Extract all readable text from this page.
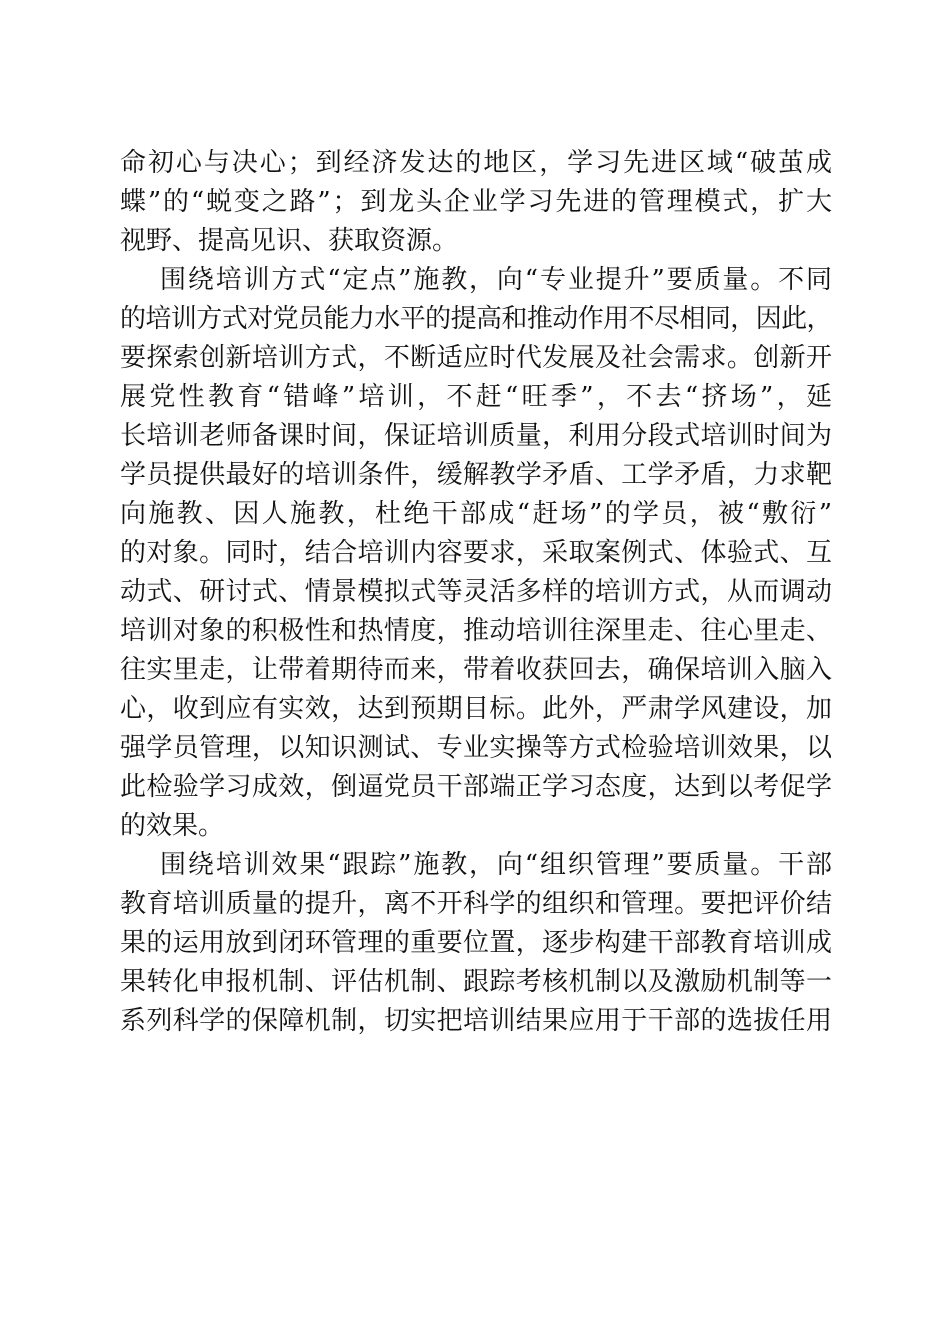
命初心与决心；到经济发达的地区，学习先进区域“破茧成
蝶”的“蜕变之路”；到龙头企业学习先进的管理模式，扩大
视野、提高见识、获取资源。
围绕培训方式“定点”施教，向“专业提升”要质量。不同
的培训方式对党员能力水平的提高和推动作用不尽相同，因此，
要探索创新培训方式，不断适应时代发展及社会需求。创新开
展党性教育“错峰”培训，不赶“旺季”，不去“挤场”，延
长培训老师备课时间，保证培训质量，利用分段式培训时间为
学员提供最好的培训条件，缓解教学矛盾、工学矛盾，力求靶
向施教、因人施教，杜绝干部成“赶场”的学员，被“敷衍”
的对象。同时，结合培训内容要求，采取案例式、体验式、互
动式、研讨式、情景模拟式等灵活多样的培训方式，从而调动
培训对象的积极性和热情度，推动培训往深里走、往心里走、
往实里走，让带着期待而来，带着收获回去，确保培训入脑入
心，收到应有实效，达到预期目标。此外，严肃学风建设，加
强学员管理，以知识测试、专业实操等方式检验培训效果，以
此检验学习成效，倒逼党员干部端正学习态度，达到以考促学
的效果。
围绕培训效果“跟踪”施教，向“组织管理”要质量。干部
教育培训质量的提升，离不开科学的组织和管理。要把评价结
果的运用放到闭环管理的重要位置，逐步构建干部教育培训成
果转化申报机制、评估机制、跟踪考核机制以及激励机制等一
系列科学的保障机制，切实把培训结果应用于干部的选拔任用
